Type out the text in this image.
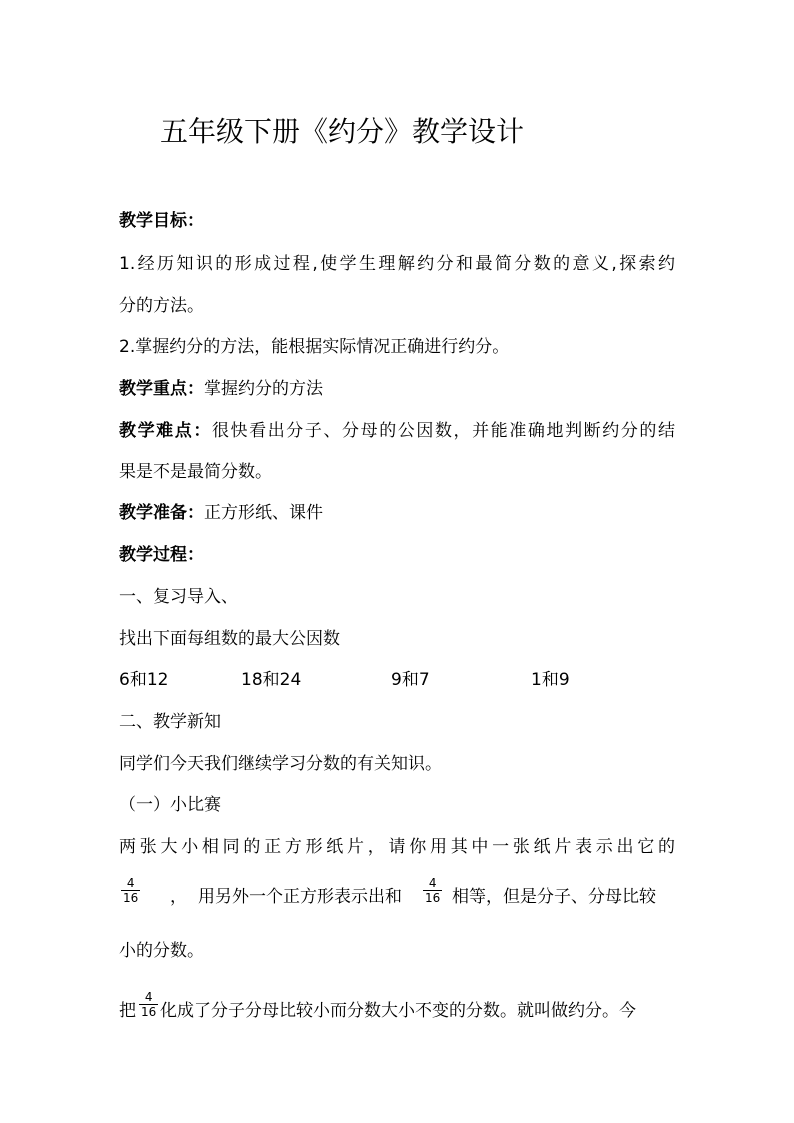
五年级下册《约分》教学设计
教学目标：
1.经历知识的形成过程,使学生理解约分和最简分数的意义,探索约
分的方法。
2.掌握约分的方法，能根据实际情况正确进行约分。
教学重点：掌握约分的方法
教学难点：很快看出分子、分母的公因数，并能准确地判断约分的结
果是不是最简分数。
教学准备：正方形纸、课件
教学过程：
一、复习导入、
找出下面每组数的最大公因数
6和12	18和24	9和7	1和9
二、教学新知
同学们今天我们继续学习分数的有关知识。
（一）小比赛
两张大小相同的正方形纸片，请你用其中一张纸片表示出它的
$\frac{4}{16}$ ， 用另外一个正方形表示出和 $\frac{4}{16}$ 相等，但是分子、分母比较
小的分数。
把 $\frac{4}{16}$ 化成了分子分母比较小而分数大小不变的分数。就叫做约分。今
